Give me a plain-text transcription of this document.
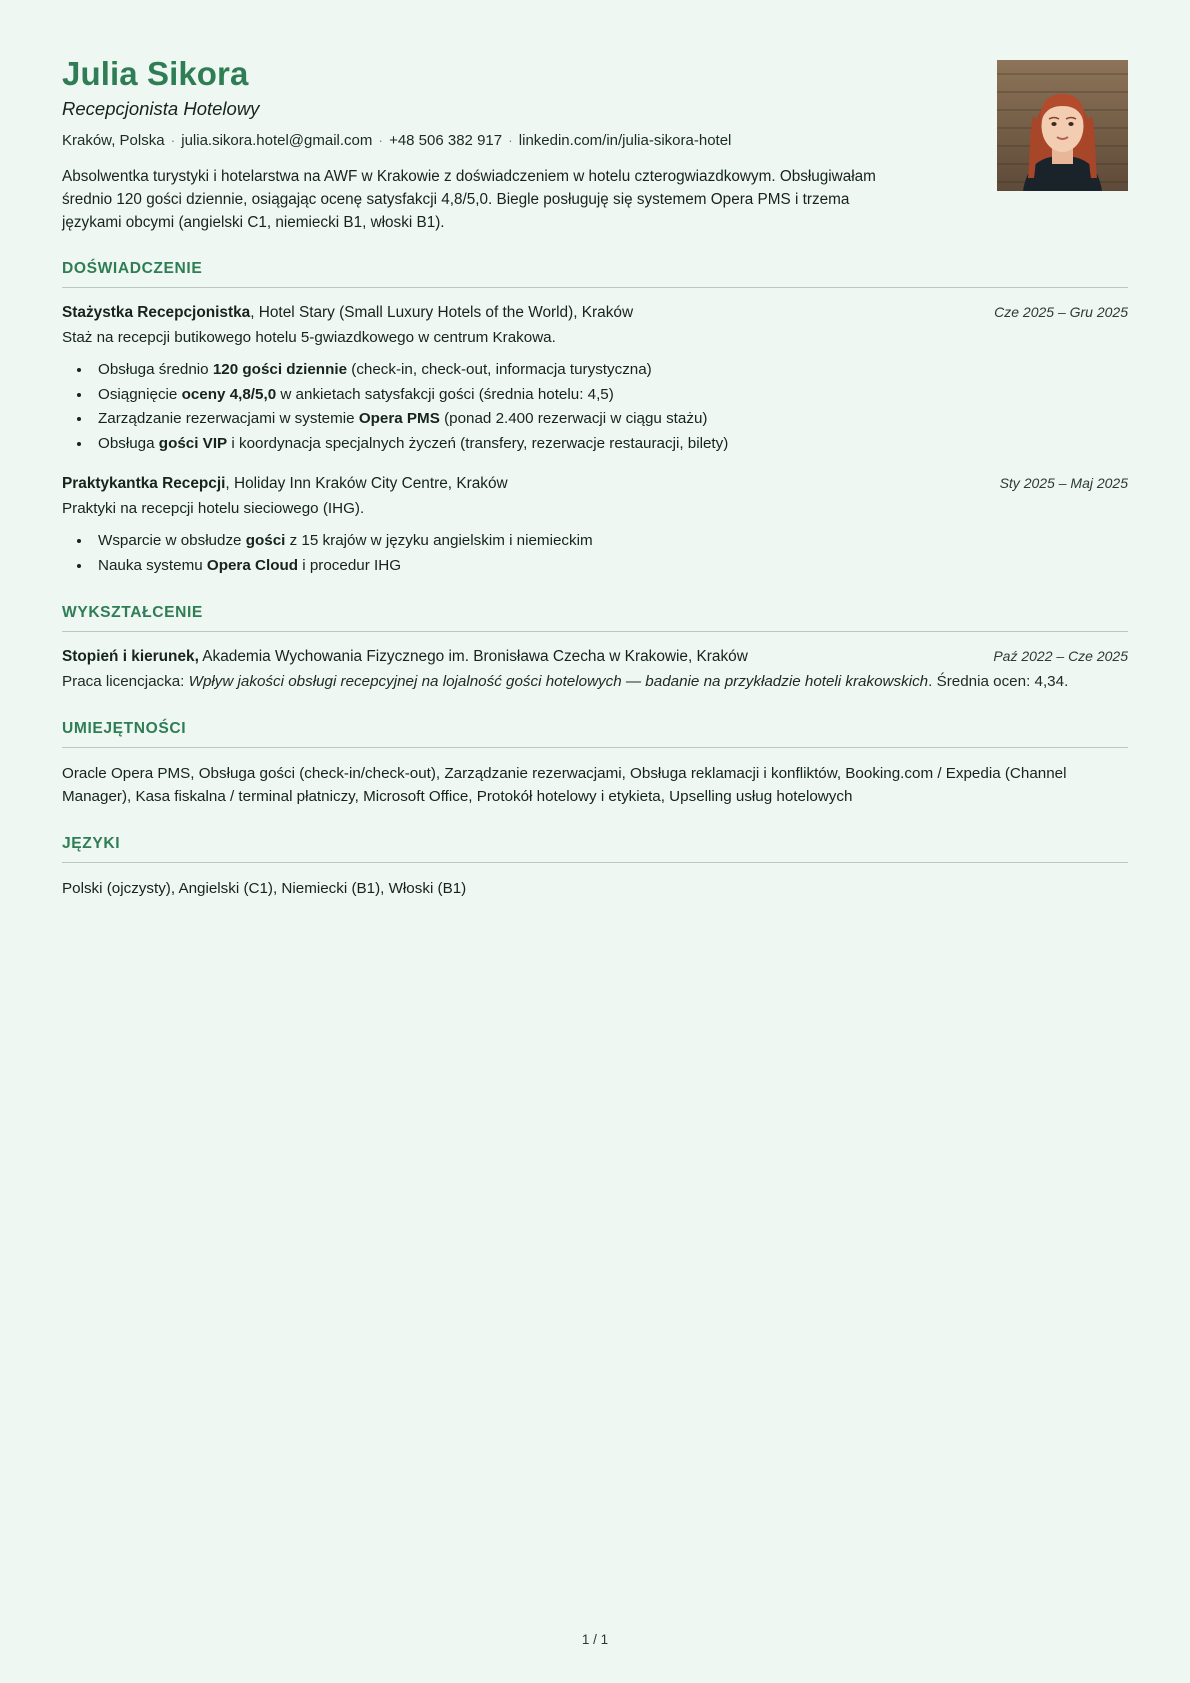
Julia Sikora
Recepcjonista Hotelowy
Kraków, Polska · julia.sikora.hotel@gmail.com · +48 506 382 917 · linkedin.com/in/julia-sikora-hotel
Absolwentka turystyki i hotelarstwa na AWF w Krakowie z doświadczeniem w hotelu czterogwiazdkowym. Obsługiwałam średnio 120 gości dziennie, osiągając ocenę satysfakcji 4,8/5,0. Biegle posługuję się systemem Opera PMS i trzema językami obcymi (angielski C1, niemiecki B1, włoski B1).
DOŚWIADCZENIE
Stażystka Recepcjonistka, Hotel Stary (Small Luxury Hotels of the World), Kraków	Cze 2025 – Gru 2025
Staż na recepcji butikowego hotelu 5-gwiazdkowego w centrum Krakowa.
• Obsługa średnio 120 gości dziennie (check-in, check-out, informacja turystyczna)
• Osiągnięcie oceny 4,8/5,0 w ankietach satysfakcji gości (średnia hotelu: 4,5)
• Zarządzanie rezerwacjami w systemie Opera PMS (ponad 2.400 rezerwacji w ciągu stażu)
• Obsługa gości VIP i koordynacja specjalnych życzeń (transfery, rezerwacje restauracji, bilety)
Praktykantka Recepcji, Holiday Inn Kraków City Centre, Kraków	Sty 2025 – Maj 2025
Praktyki na recepcji hotelu sieciowego (IHG).
• Wsparcie w obsłudze gości z 15 krajów w języku angielskim i niemieckim
• Nauka systemu Opera Cloud i procedur IHG
WYKSZTAŁCENIE
Stopień i kierunek, Akademia Wychowania Fizycznego im. Bronisława Czecha w Krakowie, Kraków	Paź 2022 – Cze 2025
Praca licencjacka: Wpływ jakości obsługi recepcyjnej na lojalność gości hotelowych — badanie na przykładzie hoteli krakowskich. Średnia ocen: 4,34.
UMIEJĘTNOŚCI
Oracle Opera PMS, Obsługa gości (check-in/check-out), Zarządzanie rezerwacjami, Obsługa reklamacji i konfliktów, Booking.com / Expedia (Channel Manager), Kasa fiskalna / terminal płatniczy, Microsoft Office, Protokół hotelowy i etykieta, Upselling usług hotelowych
JĘZYKI
Polski (ojczysty), Angielski (C1), Niemiecki (B1), Włoski (B1)
1 / 1
